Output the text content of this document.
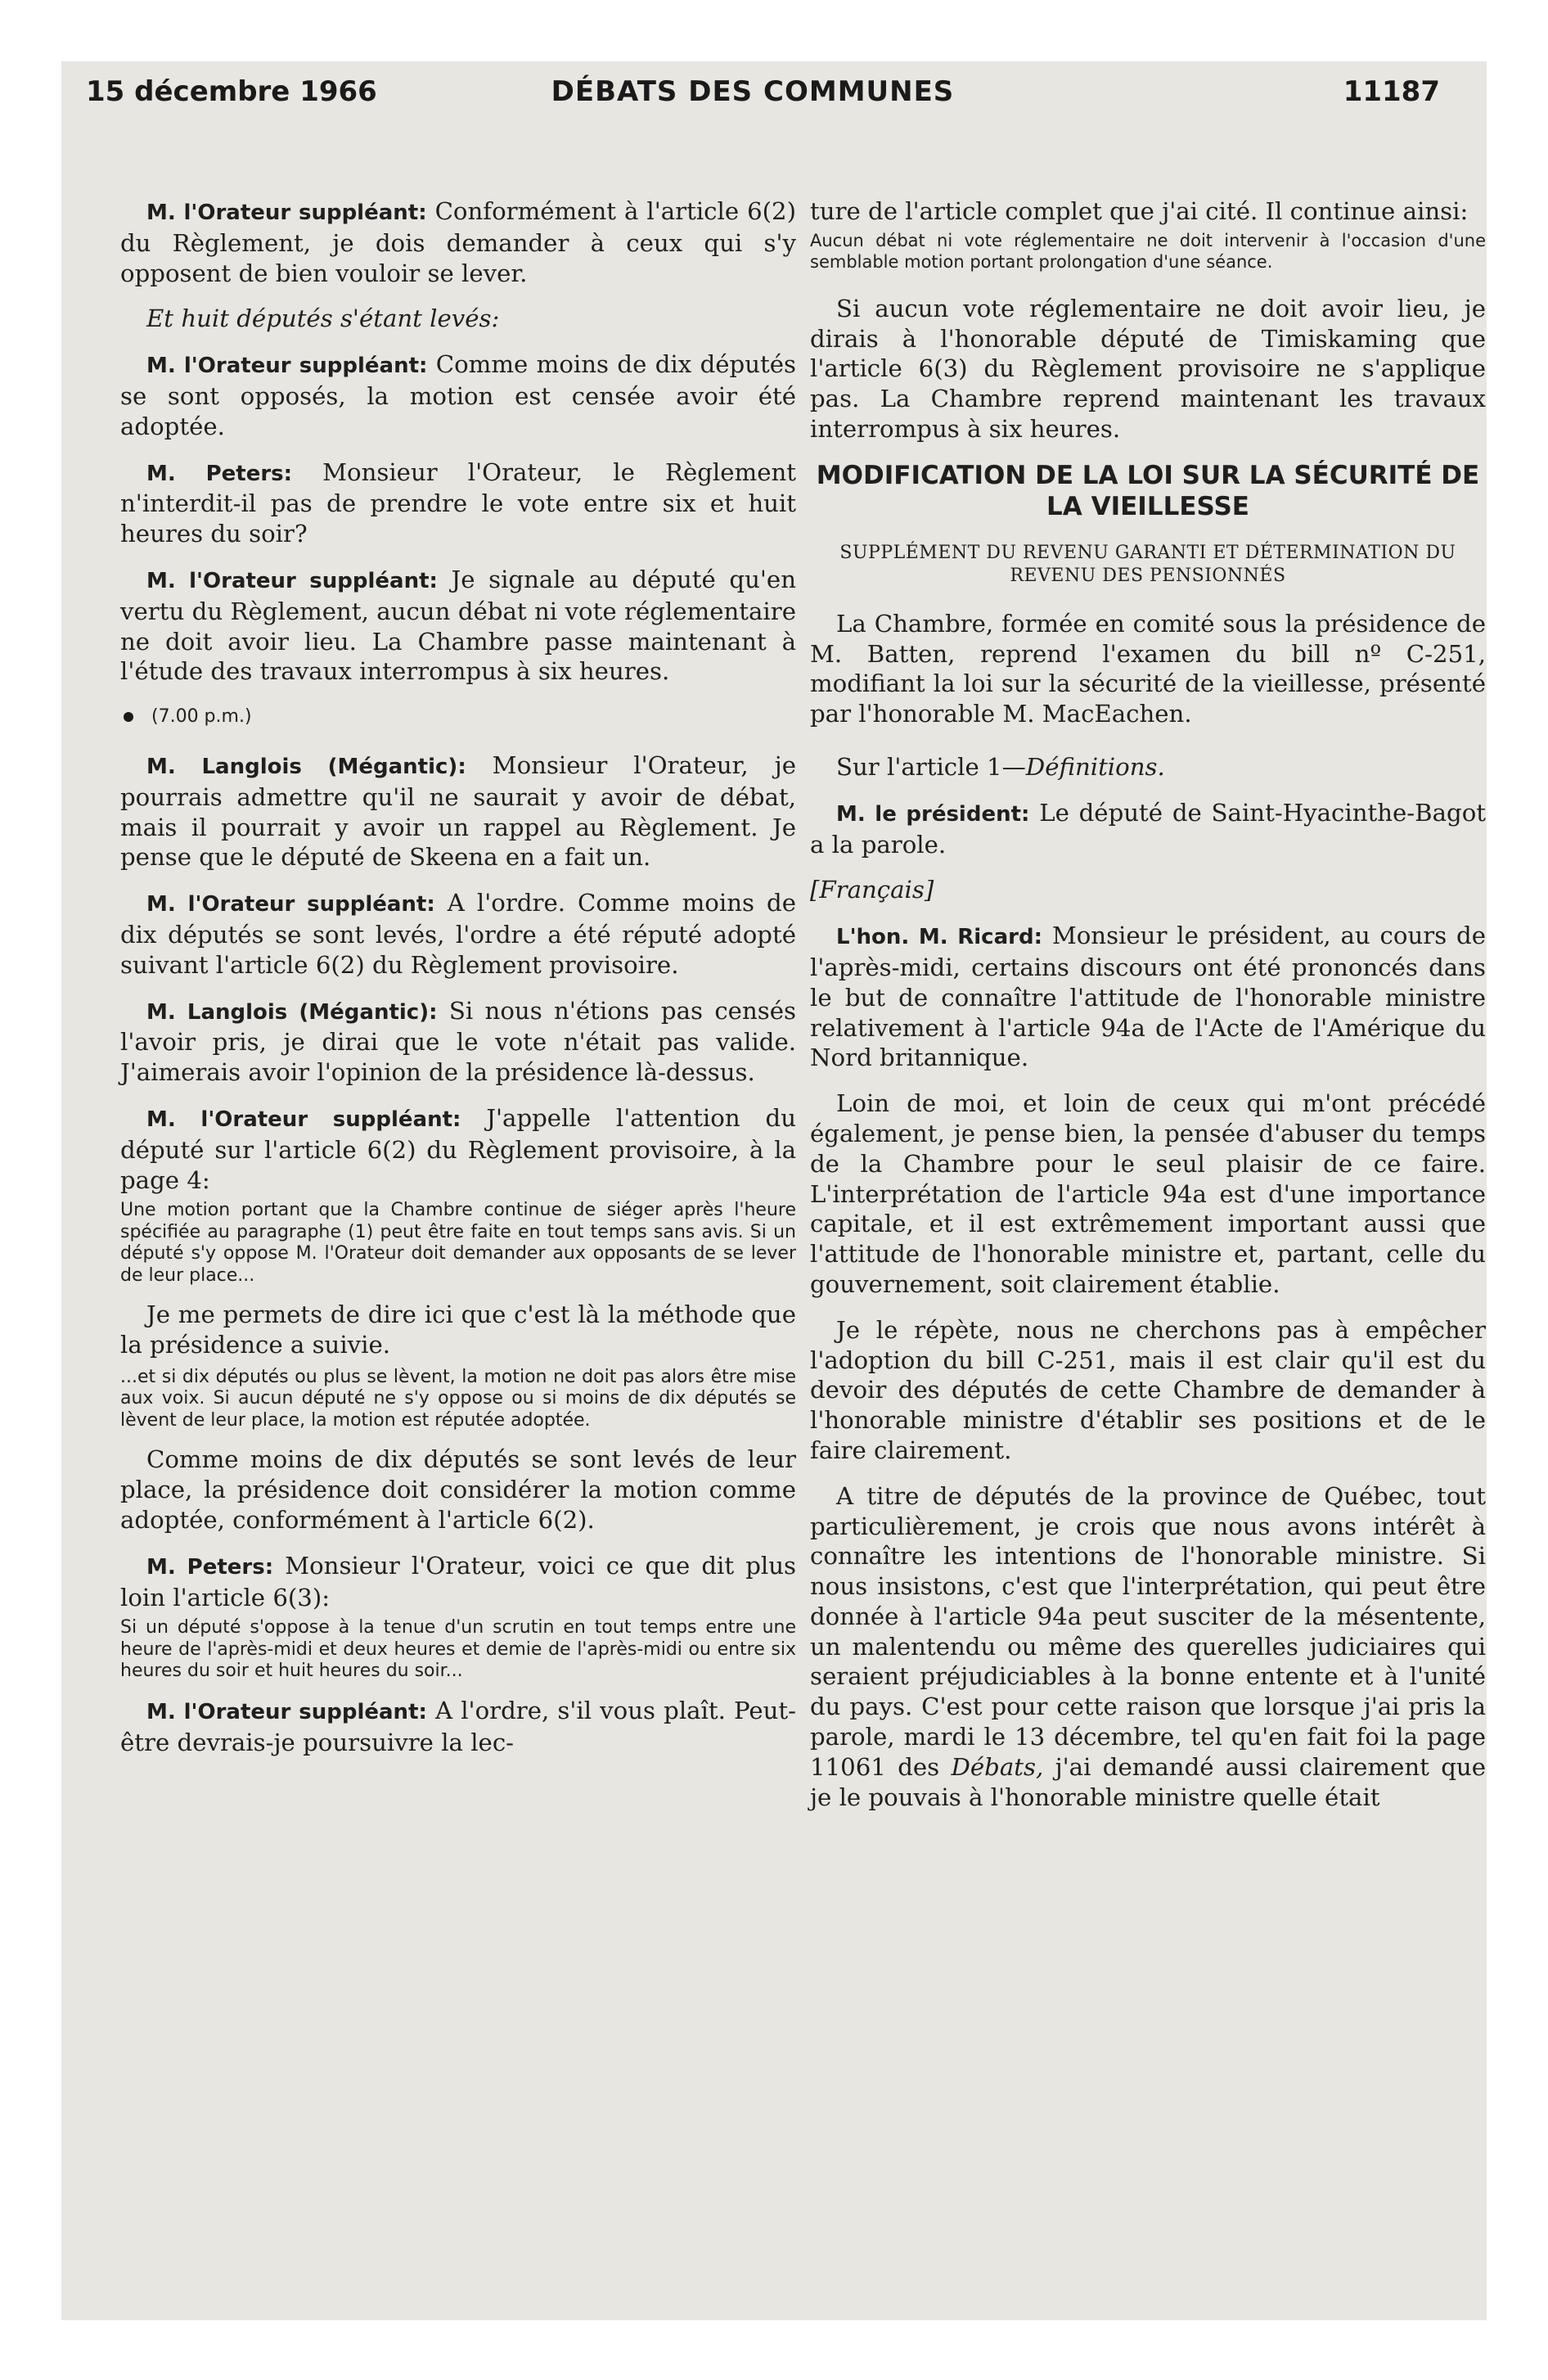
15 décembre 1966	DÉBATS DES COMMUNES	11187

M. l'Orateur suppléant: Conformément à l'article 6(2) du Règlement, je dois demander à ceux qui s'y opposent de bien vouloir se lever.

Et huit députés s'étant levés:

M. l'Orateur suppléant: Comme moins de dix députés se sont opposés, la motion est censée avoir été adoptée.

M. Peters: Monsieur l'Orateur, le Règlement n'interdit-il pas de prendre le vote entre six et huit heures du soir?

M. l'Orateur suppléant: Je signale au député qu'en vertu du Règlement, aucun débat ni vote réglementaire ne doit avoir lieu. La Chambre passe maintenant à l'étude des travaux interrompus à six heures.

(7.00 p.m.)

M. Langlois (Mégantic): Monsieur l'Orateur, je pourrais admettre qu'il ne saurait y avoir de débat, mais il pourrait y avoir un rappel au Règlement. Je pense que le député de Skeena en a fait un.

M. l'Orateur suppléant: A l'ordre. Comme moins de dix députés se sont levés, l'ordre a été réputé adopté suivant l'article 6(2) du Règlement provisoire.

M. Langlois (Mégantic): Si nous n'étions pas censés l'avoir pris, je dirai que le vote n'était pas valide. J'aimerais avoir l'opinion de la présidence là-dessus.

M. l'Orateur suppléant: J'appelle l'attention du député sur l'article 6(2) du Règlement provisoire, à la page 4:

Une motion portant que la Chambre continue de siéger après l'heure spécifiée au paragraphe (1) peut être faite en tout temps sans avis. Si un député s'y oppose M. l'Orateur doit demander aux opposants de se lever de leur place...

Je me permets de dire ici que c'est là la méthode que la présidence a suivie.

...et si dix députés ou plus se lèvent, la motion ne doit pas alors être mise aux voix. Si aucun député ne s'y oppose ou si moins de dix députés se lèvent de leur place, la motion est réputée adoptée.

Comme moins de dix députés se sont levés de leur place, la présidence doit considérer la motion comme adoptée, conformément à l'article 6(2).

M. Peters: Monsieur l'Orateur, voici ce que dit plus loin l'article 6(3):

Si un député s'oppose à la tenue d'un scrutin en tout temps entre une heure de l'après-midi et deux heures et demie de l'après-midi ou entre six heures du soir et huit heures du soir...

M. l'Orateur suppléant: A l'ordre, s'il vous plaît. Peut-être devrais-je poursuivre la lec-

ture de l'article complet que j'ai cité. Il continue ainsi:

Aucun débat ni vote réglementaire ne doit intervenir à l'occasion d'une semblable motion portant prolongation d'une séance.

Si aucun vote réglementaire ne doit avoir lieu, je dirais à l'honorable député de Timiskaming que l'article 6(3) du Règlement provisoire ne s'applique pas. La Chambre reprend maintenant les travaux interrompus à six heures.

MODIFICATION DE LA LOI SUR LA SÉCURITÉ DE LA VIEILLESSE
SUPPLÉMENT DU REVENU GARANTI ET DÉTERMINATION DU REVENU DES PENSIONNÉS

La Chambre, formée en comité sous la présidence de M. Batten, reprend l'examen du bill nº C-251, modifiant la loi sur la sécurité de la vieillesse, présenté par l'honorable M. MacEachen.

Sur l'article 1—Définitions.

M. le président: Le député de Saint-Hyacinthe-Bagot a la parole.

[Français]

L'hon. M. Ricard: Monsieur le président, au cours de l'après-midi, certains discours ont été prononcés dans le but de connaître l'attitude de l'honorable ministre relativement à l'article 94a de l'Acte de l'Amérique du Nord britannique.

Loin de moi, et loin de ceux qui m'ont précédé également, je pense bien, la pensée d'abuser du temps de la Chambre pour le seul plaisir de ce faire. L'interprétation de l'article 94a est d'une importance capitale, et il est extrêmement important aussi que l'attitude de l'honorable ministre et, partant, celle du gouvernement, soit clairement établie.

Je le répète, nous ne cherchons pas à empêcher l'adoption du bill C-251, mais il est clair qu'il est du devoir des députés de cette Chambre de demander à l'honorable ministre d'établir ses positions et de le faire clairement.

A titre de députés de la province de Québec, tout particulièrement, je crois que nous avons intérêt à connaître les intentions de l'honorable ministre. Si nous insistons, c'est que l'interprétation, qui peut être donnée à l'article 94a peut susciter de la mésentente, un malentendu ou même des querelles judiciaires qui seraient préjudiciables à la bonne entente et à l'unité du pays. C'est pour cette raison que lorsque j'ai pris la parole, mardi le 13 décembre, tel qu'en fait foi la page 11061 des Débats, j'ai demandé aussi clairement que je le pouvais à l'honorable ministre quelle était
